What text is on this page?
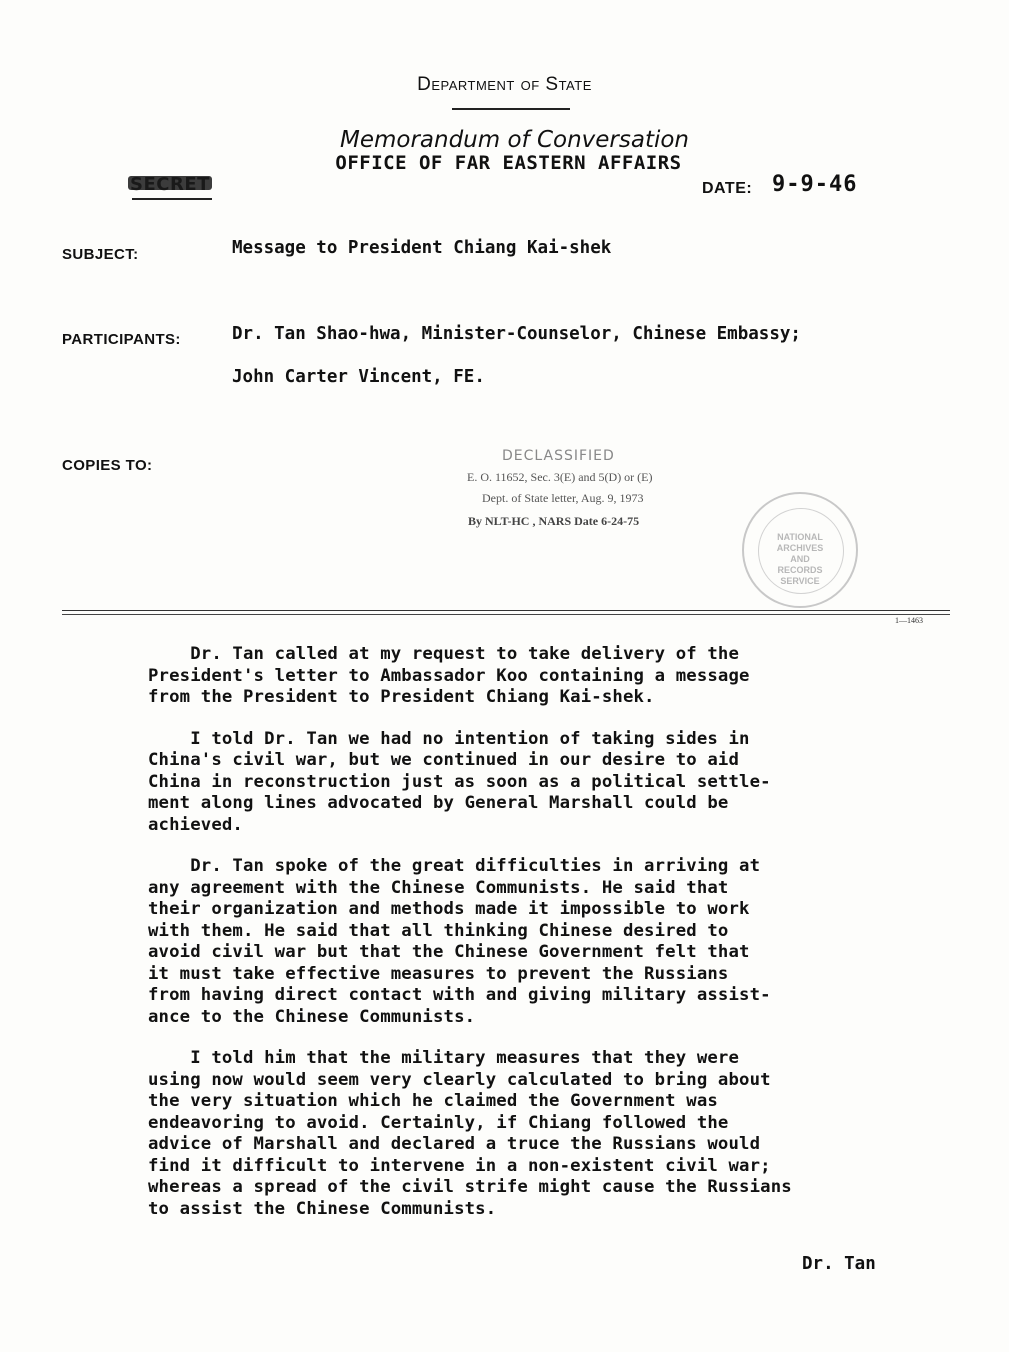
Department of State
Memorandum of Conversation
OFFICE OF FAR EASTERN AFFAIRS
DATE: 9-9-46
SUBJECT:	Message to President Chiang Kai-shek
PARTICIPANTS:	Dr. Tan Shao-hwa, Minister-Counselor, Chinese Embassy;
John Carter Vincent, FE.
COPIES TO:
DECLASSIFIED
E. O. 11652, Sec. 3(E) and 5(D) or (E)
Dept. of State letter, Aug. 9, 1973
By NLT-HC , NARS Date 6-24-75
NATIONAL ARCHIVES AND RECORDS SERVICE
1—1463
Dr. Tan called at my request to take delivery of the
President's letter to Ambassador Koo containing a message
from the President to President Chiang Kai-shek.
I told Dr. Tan we had no intention of taking sides in
China's civil war, but we continued in our desire to aid
China in reconstruction just as soon as a political settle-
ment along lines advocated by General Marshall could be
achieved.
Dr. Tan spoke of the great difficulties in arriving at
any agreement with the Chinese Communists. He said that
their organization and methods made it impossible to work
with them. He said that all thinking Chinese desired to
avoid civil war but that the Chinese Government felt that
it must take effective measures to prevent the Russians
from having direct contact with and giving military assist-
ance to the Chinese Communists.
I told him that the military measures that they were
using now would seem very clearly calculated to bring about
the very situation which he claimed the Government was
endeavoring to avoid. Certainly, if Chiang followed the
advice of Marshall and declared a truce the Russians would
find it difficult to intervene in a non-existent civil war;
whereas a spread of the civil strife might cause the Russians
to assist the Chinese Communists.
Dr. Tan
